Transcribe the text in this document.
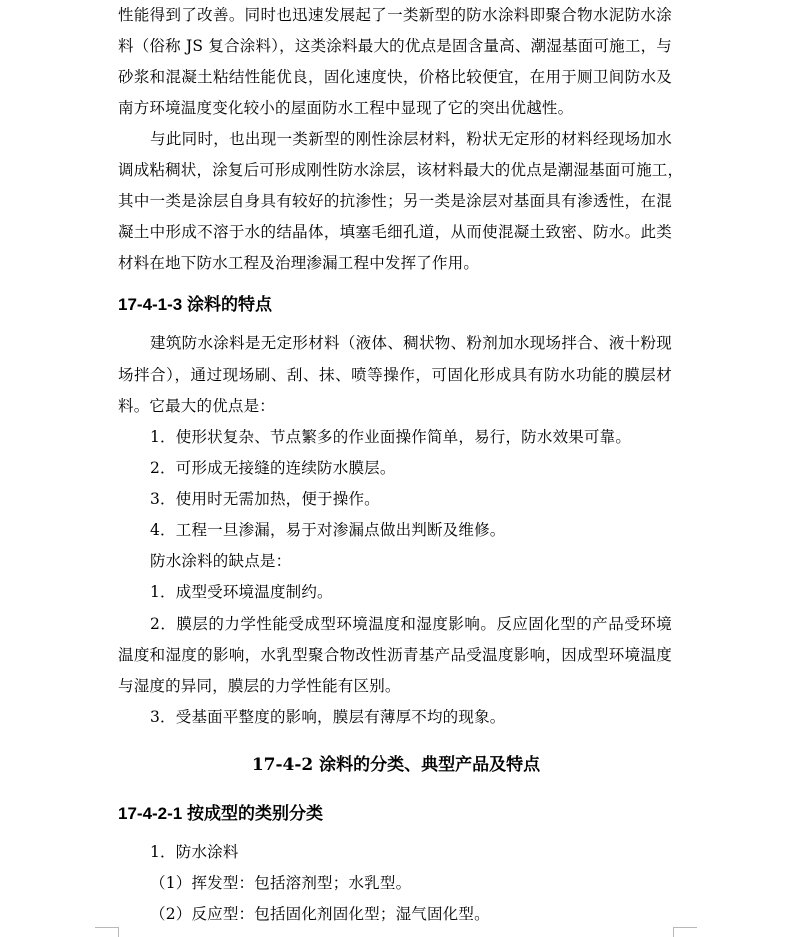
性能得到了改善。同时也迅速发展起了一类新型的防水涂料即聚合物水泥防水涂
料（俗称 JS 复合涂料），这类涂料最大的优点是固含量高、潮湿基面可施工，与
砂浆和混凝土粘结性能优良，固化速度快，价格比较便宜，在用于厕卫间防水及
南方环境温度变化较小的屋面防水工程中显现了它的突出优越性。
与此同时，也出现一类新型的刚性涂层材料，粉状无定形的材料经现场加水
调成粘稠状，涂复后可形成刚性防水涂层，该材料最大的优点是潮湿基面可施工，
其中一类是涂层自身具有较好的抗渗性；另一类是涂层对基面具有渗透性，在混
凝土中形成不溶于水的结晶体，填塞毛细孔道，从而使混凝土致密、防水。此类
材料在地下防水工程及治理渗漏工程中发挥了作用。
17-4-1-3 涂料的特点
建筑防水涂料是无定形材料（液体、稠状物、粉剂加水现场拌合、液十粉现
场拌合），通过现场刷、刮、抹、喷等操作，可固化形成具有防水功能的膜层材
料。它最大的优点是：
1．使形状复杂、节点繁多的作业面操作简单，易行，防水效果可靠。
2．可形成无接缝的连续防水膜层。
3．使用时无需加热，便于操作。
4．工程一旦渗漏，易于对渗漏点做出判断及维修。
防水涂料的缺点是：
1．成型受环境温度制约。
2．膜层的力学性能受成型环境温度和湿度影响。反应固化型的产品受环境
温度和湿度的影响，水乳型聚合物改性沥青基产品受温度影响，因成型环境温度
与湿度的异同，膜层的力学性能有区别。
3．受基面平整度的影响，膜层有薄厚不均的现象。
17-4-2 涂料的分类、典型产品及特点
17-4-2-1 按成型的类别分类
1．防水涂料
（1）挥发型：包括溶剂型；水乳型。
（2）反应型：包括固化剂固化型；湿气固化型。
